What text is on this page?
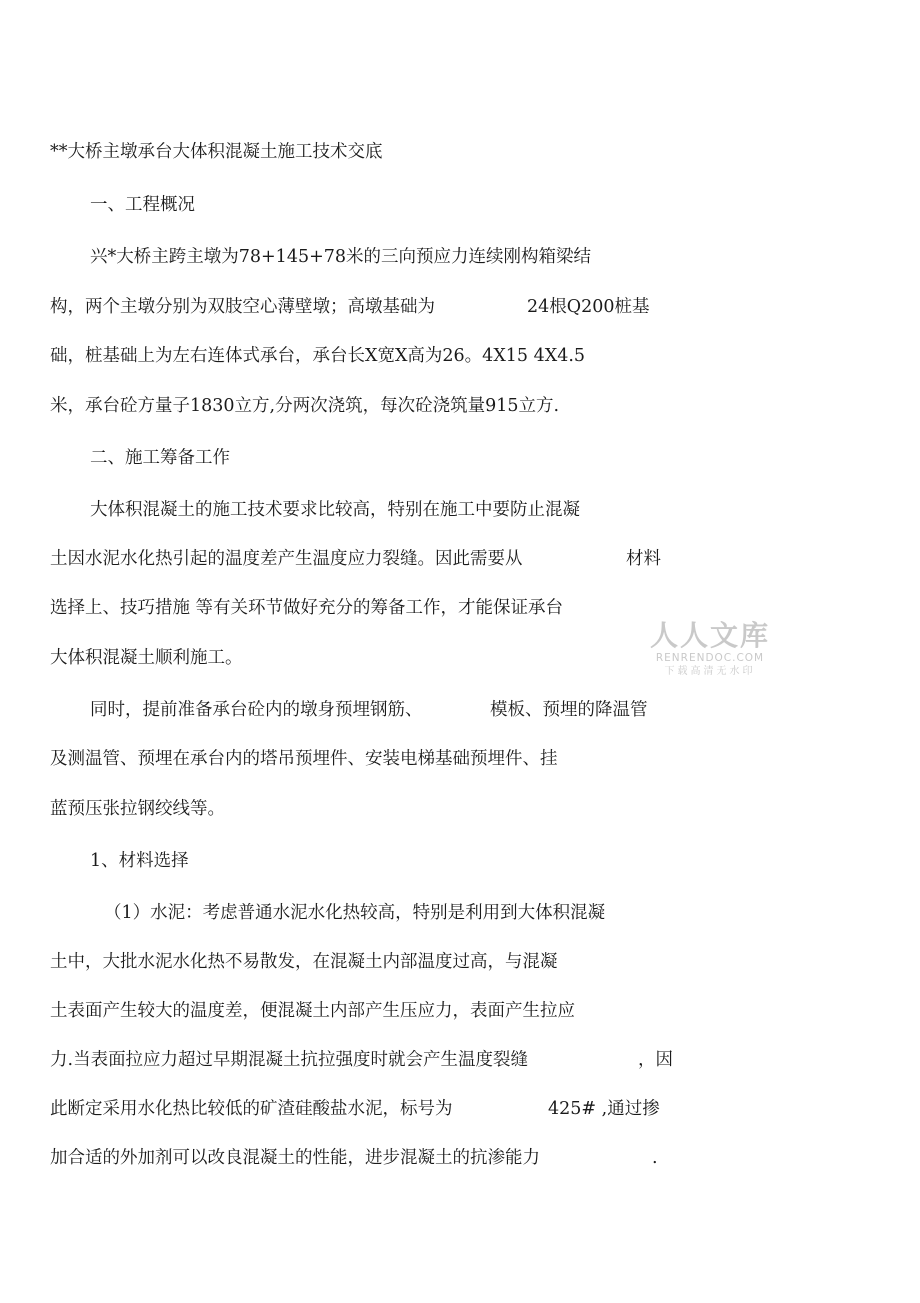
**大桥主墩承台大体积混凝土施工技术交底
一、工程概况
兴*大桥主跨主墩为78+145+78米的三向预应力连续刚构箱梁结
构，两个主墩分别为双肢空心薄壁墩；高墩基础为	24根Q200桩基
础，桩基础上为左右连体式承台，承台长X宽X高为26。4X15 4X4.5
米，承台砼方量子1830立方,分两次浇筑，每次砼浇筑量915立方.
二、施工筹备工作
大体积混凝土的施工技术要求比较高，特别在施工中要防止混凝
土因水泥水化热引起的温度差产生温度应力裂缝。因此需要从	材料
选择上、技巧措施 等有关环节做好充分的筹备工作，才能保证承台
大体积混凝土顺利施工。
同时，提前准备承台砼内的墩身预埋钢筋、	模板、预埋的降温管
及测温管、预埋在承台内的塔吊预埋件、安装电梯基础预埋件、挂
蓝预压张拉钢绞线等。
1、材料选择
（1）水泥：考虑普通水泥水化热较高，特别是利用到大体积混凝
土中，大批水泥水化热不易散发，在混凝土内部温度过高，与混凝
土表面产生较大的温度差，便混凝土内部产生压应力，表面产生拉应
力.当表面拉应力超过早期混凝土抗拉强度时就会产生温度裂缝	，因
此断定采用水化热比较低的矿渣硅酸盐水泥，标号为	425# ,通过掺
加合适的外加剂可以改良混凝土的性能，进步混凝土的抗渗能力	.
人人文库
RENRENDOC.COM
下载高清无水印
